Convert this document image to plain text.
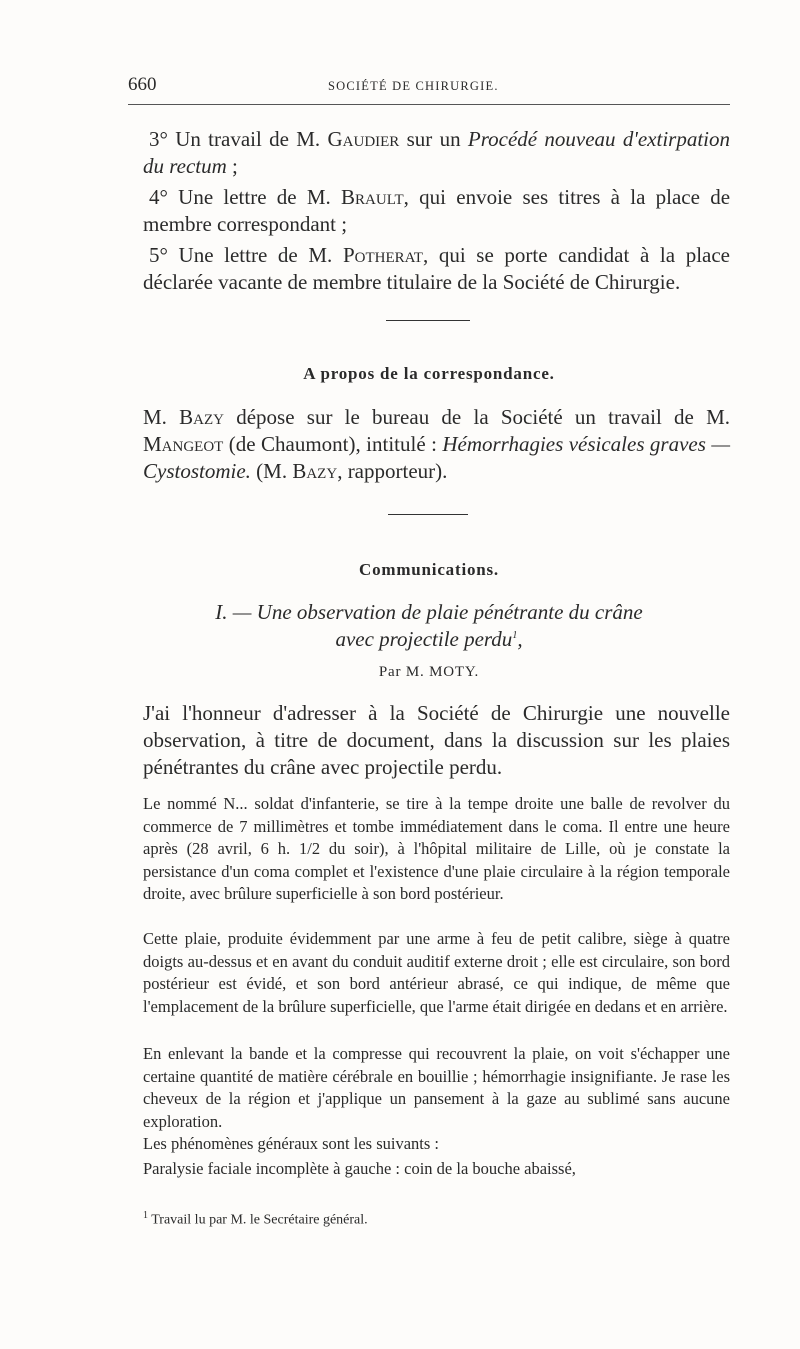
660	SOCIÉTÉ DE CHIRURGIE.
3° Un travail de M. Gaudier sur un Procédé nouveau d'extirpation du rectum ;
4° Une lettre de M. Brault, qui envoie ses titres à la place de membre correspondant ;
5° Une lettre de M. Potherat, qui se porte candidat à la place déclarée vacante de membre titulaire de la Société de Chirurgie.
A propos de la correspondance.
M. Bazy dépose sur le bureau de la Société un travail de M. Mangeot (de Chaumont), intitulé : Hémorrhagies vésicales graves — Cystostomie. (M. Bazy, rapporteur).
Communications.
I. — Une observation de plaie pénétrante du crâne
avec projectile perdu$^1$,
Par M. MOTY.
J'ai l'honneur d'adresser à la Société de Chirurgie une nouvelle observation, à titre de document, dans la discussion sur les plaies pénétrantes du crâne avec projectile perdu.
Le nommé N... soldat d'infanterie, se tire à la tempe droite une balle de revolver du commerce de 7 millimètres et tombe immédiatement dans le coma. Il entre une heure après (28 avril, 6 h. 1/2 du soir), à l'hôpital militaire de Lille, où je constate la persistance d'un coma complet et l'existence d'une plaie circulaire à la région temporale droite, avec brûlure superficielle à son bord postérieur.
Cette plaie, produite évidemment par une arme à feu de petit calibre, siège à quatre doigts au-dessus et en avant du conduit auditif externe droit ; elle est circulaire, son bord postérieur est évidé, et son bord antérieur abrasé, ce qui indique, de même que l'emplacement de la brûlure superficielle, que l'arme était dirigée en dedans et en arrière.
En enlevant la bande et la compresse qui recouvrent la plaie, on voit s'échapper une certaine quantité de matière cérébrale en bouillie ; hémorrhagie insignifiante. Je rase les cheveux de la région et j'applique un pansement à la gaze au sublimé sans aucune exploration.
Les phénomènes généraux sont les suivants :
Paralysie faciale incomplète à gauche : coin de la bouche abaissé,
$^1$ Travail lu par M. le Secrétaire général.
